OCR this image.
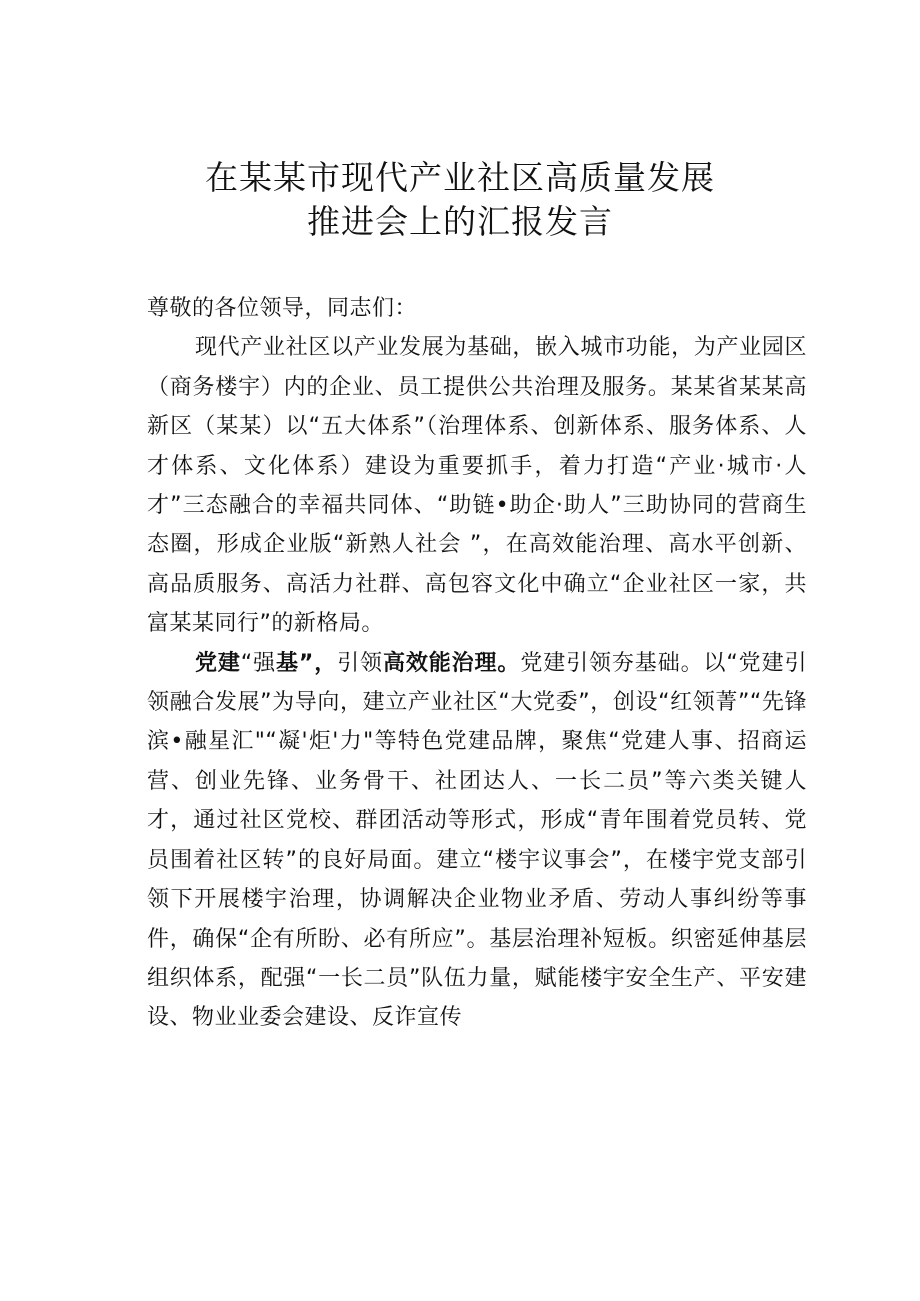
在某某市现代产业社区高质量发展
推进会上的汇报发言

尊敬的各位领导，同志们：

现代产业社区以产业发展为基础，嵌入城市功能，为产业园区（商务楼宇）内的企业、员工提供公共治理及服务。某某省某某高新区（某某）以“五大体系”（治理体系、创新体系、服务体系、人才体系、文化体系）建设为重要抓手，着力打造“产业·城市·人才”三态融合的幸福共同体、“助链•助企·助人”三助协同的营商生态圈，形成企业版“新熟人社会 ”，在高效能治理、高水平创新、高品质服务、高活力社群、高包容文化中确立“企业社区一家，共富某某同行”的新格局。

党建“强基”，引领高效能治理。党建引领夯基础。以“党建引领融合发展”为导向，建立产业社区“大党委”，创设“红领菁”“先锋滨•融星汇"“凝'炬'力"等特色党建品牌，聚焦“党建人事、招商运营、创业先锋、业务骨干、社团达人、一长二员”等六类关键人才，通过社区党校、群团活动等形式，形成“青年围着党员转、党员围着社区转”的良好局面。建立“楼宇议事会”，在楼宇党支部引领下开展楼宇治理，协调解决企业物业矛盾、劳动人事纠纷等事件，确保“企有所盼、必有所应”。基层治理补短板。织密延伸基层组织体系，配强“一长二员”队伍力量，赋能楼宇安全生产、平安建设、物业业委会建设、反诈宣传
